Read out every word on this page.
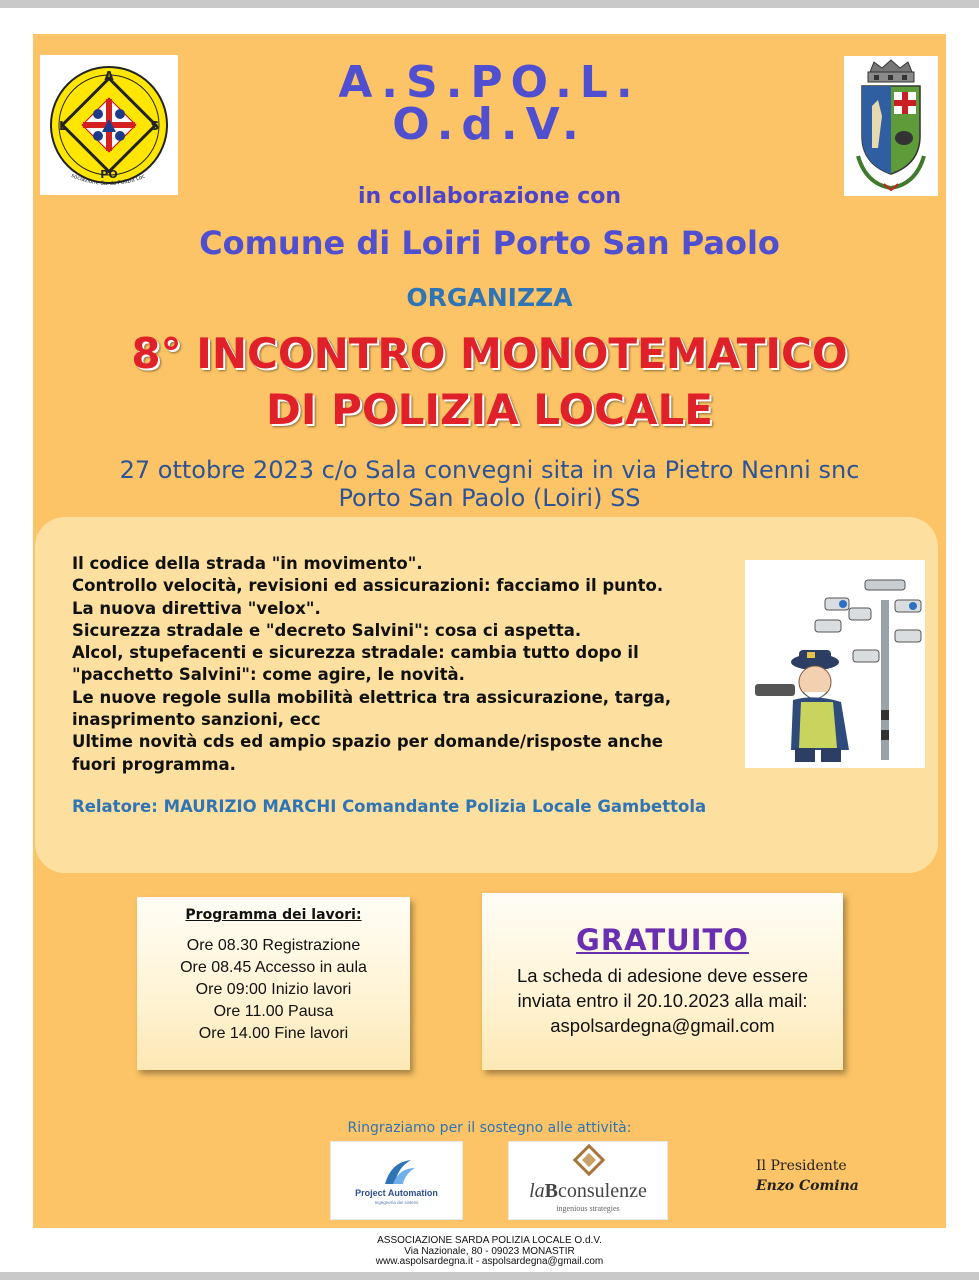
A
L	S
PO
sociazione Sarda Polizia Loc
A.S.PO.L.
O.d.V.
in collaborazione con
Comune di Loiri Porto San Paolo
ORGANIZZA
8° INCONTRO MONOTEMATICO
DI POLIZIA LOCALE
27 ottobre 2023 c/o Sala convegni sita in via Pietro Nenni snc
Porto San Paolo (Loiri) SS
Il codice della strada "in movimento".
Controllo velocità, revisioni ed assicurazioni: facciamo il punto.
La nuova direttiva "velox".
Sicurezza stradale e "decreto Salvini": cosa ci aspetta.
Alcol, stupefacenti e sicurezza stradale: cambia tutto dopo il
"pacchetto Salvini": come agire, le novità.
Le nuove regole sulla mobilità elettrica tra assicurazione, targa,
inasprimento sanzioni, ecc
Ultime novità cds ed ampio spazio per domande/risposte anche
fuori programma.
Relatore: MAURIZIO MARCHI Comandante Polizia Locale Gambettola
Programma dei lavori:
Ore 08.30 Registrazione
Ore 08.45 Accesso in aula
Ore 09:00 Inizio lavori
Ore 11.00 Pausa
Ore 14.00 Fine lavori
GRATUITO
La scheda di adesione deve essere
inviata entro il 20.10.2023 alla mail:
aspolsardegna@gmail.com
Ringraziamo per il sostegno alle attività:
Project Automation
Ingegneria dei sistemi
laBconsulenze
ingenious strategies
Il Presidente
Enzo Comina
ASSOCIAZIONE SARDA POLIZIA LOCALE O.d.V.
Via Nazionale, 80 - 09023 MONASTIR
www.aspolsardegna.it - aspolsardegna@gmail.com
